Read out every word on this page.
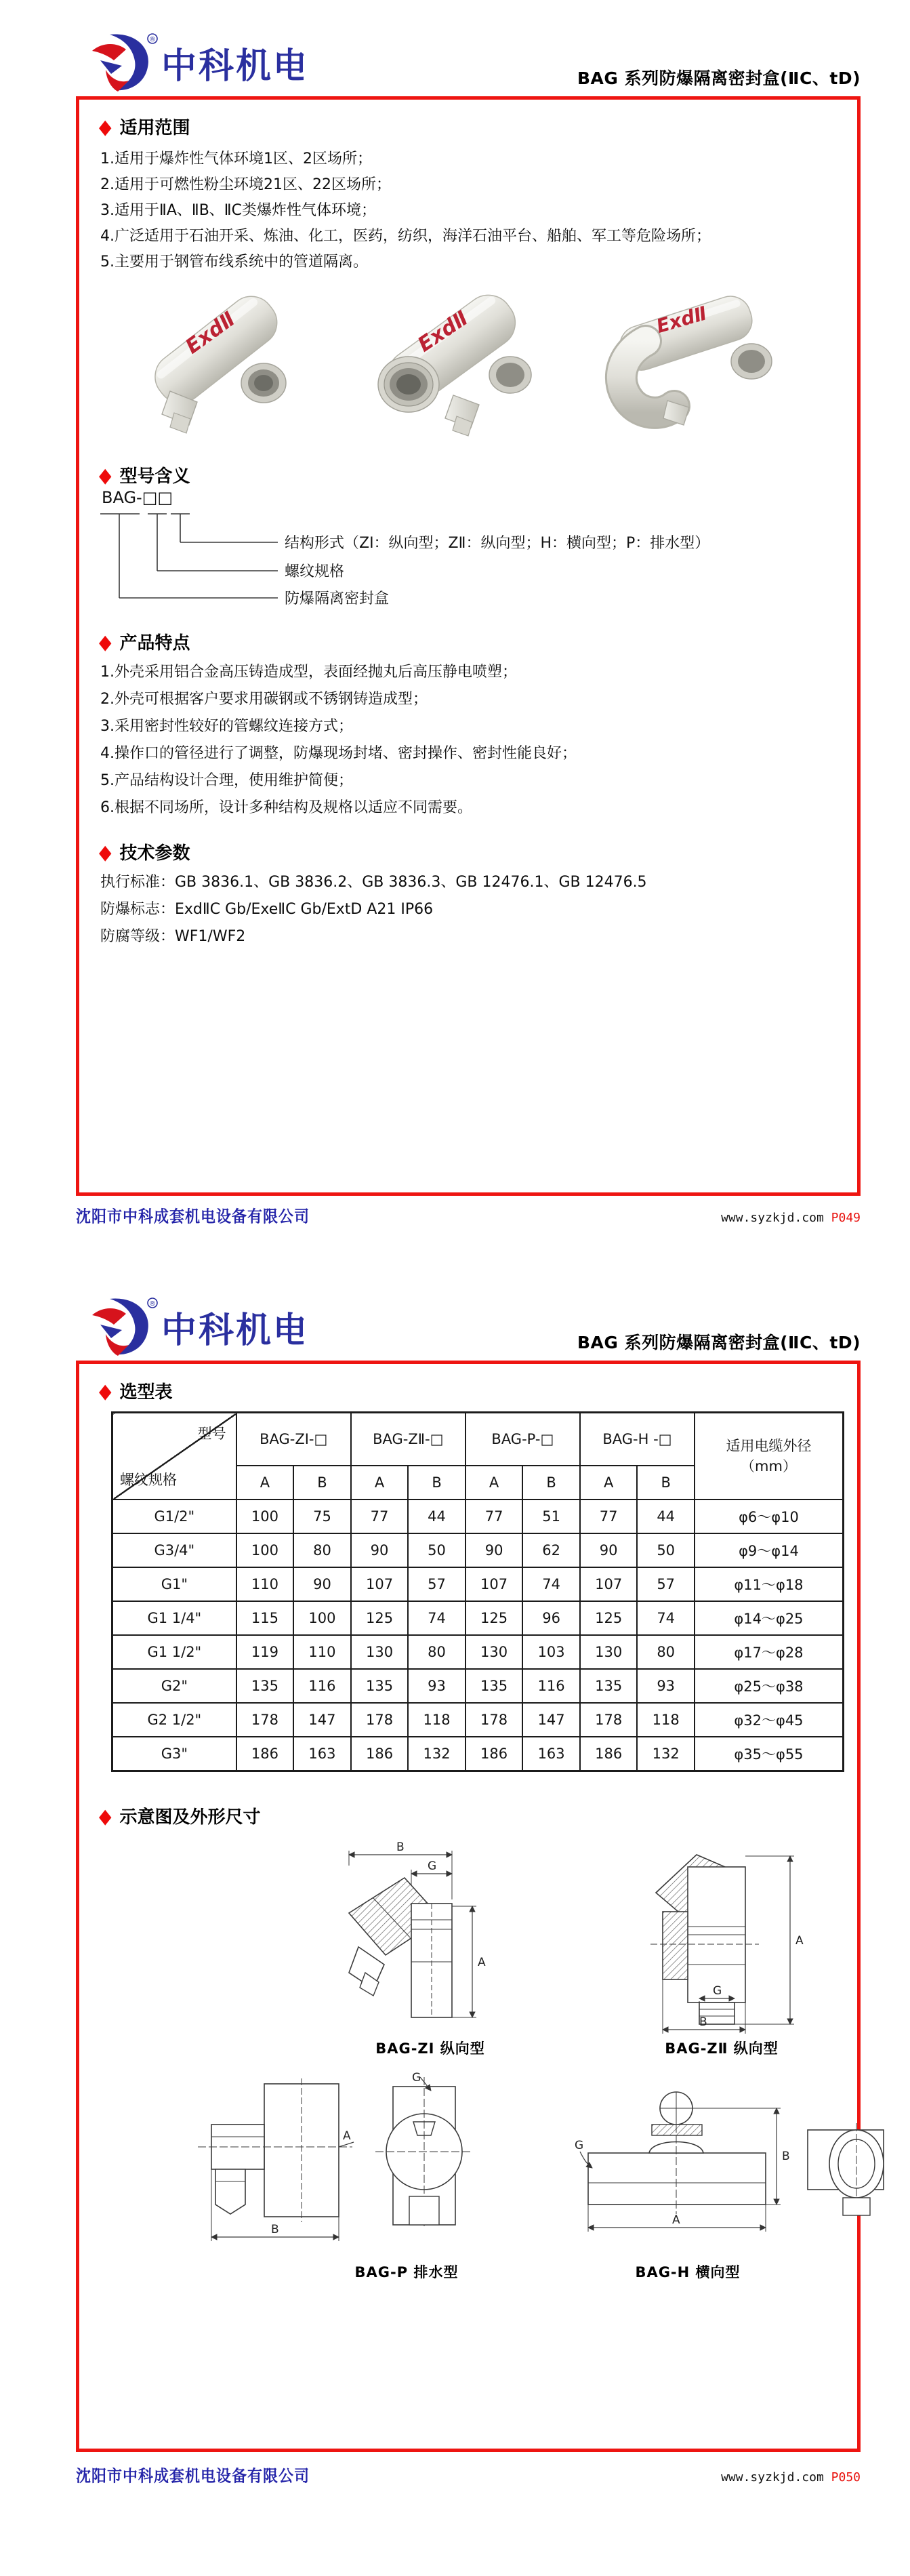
®
中科机电	BAG 系列防爆隔离密封盒(ⅡC、tD)
◆ 适用范围
1.适用于爆炸性气体环境1区、2区场所；
2.适用于可燃性粉尘环境21区、22区场所；
3.适用于ⅡA、ⅡB、ⅡC类爆炸性气体环境；
4.广泛适用于石油开采、炼油、化工，医药，纺织，海洋石油平台、船舶、军工等危险场所；
5.主要用于钢管布线系统中的管道隔离。
ExdⅡ	ExdⅡ	ExdⅡ
◆ 型号含义
BAG-□□
结构形式（ZⅠ：纵向型；ZⅡ：纵向型；H：横向型；P：排水型）
螺纹规格
防爆隔离密封盒
◆ 产品特点
1.外壳采用铝合金高压铸造成型，表面经抛丸后高压静电喷塑；
2.外壳可根据客户要求用碳钢或不锈钢铸造成型；
3.采用密封性较好的管螺纹连接方式；
4.操作口的管径进行了调整，防爆现场封堵、密封操作、密封性能良好；
5.产品结构设计合理，使用维护简便；
6.根据不同场所，设计多种结构及规格以适应不同需要。
◆ 技术参数
执行标准：GB 3836.1、GB 3836.2、GB 3836.3、GB 12476.1、GB 12476.5
防爆标志：ExdⅡC Gb/ExeⅡC Gb/ExtD A21 IP66
防腐等级：WF1/WF2
沈阳市中科成套机电设备有限公司	www.syzkjd.com P049
®
中科机电	BAG 系列防爆隔离密封盒(ⅡC、tD)
◆ 选型表
型号
螺纹规格
	BAG-ZⅠ-□	BAG-ZⅡ-□	BAG-P-□	BAG-H -□	适用电缆外径
（mm）

	A	B	A	B	A	B	A	B	
G1/2"	100	75	77	44	77	51	77	44	φ6～φ10
G3/4"	100	80	90	50	90	62	90	50	φ9～φ14
G1"	110	90	107	57	107	74	107	57	φ11～φ18
G1 1/4"	115	100	125	74	125	96	125	74	φ14～φ25
G1 1/2"	119	110	130	80	130	103	130	80	φ17～φ28
G2"	135	116	135	93	135	116	135	93	φ25～φ38
G2 1/2"	178	147	178	118	178	147	178	118	φ32～φ45
G3"	186	163	186	132	186	163	186	132	φ35～φ55
◆ 示意图及外形尺寸
B
G
A
A
G
B
BAG-ZⅠ 纵向型	BAG-ZⅡ 纵向型
A
B
G
G
A
B
BAG-P 排水型	BAG-H 横向型
沈阳市中科成套机电设备有限公司	www.syzkjd.com P050
